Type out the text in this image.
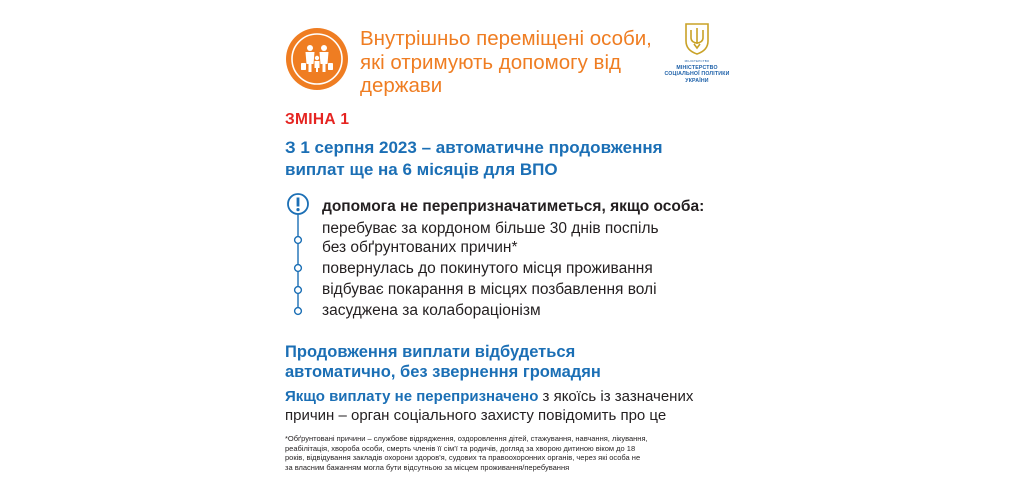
Внутрішньо переміщені особи, які отримують допомогу від держави
МІНІСТЕРСТВО
МІНІСТЕРСТВО
СОЦІАЛЬНОЇ ПОЛІТИКИ
УКРАЇНИ
ЗМІНА 1
З 1 серпня 2023 – автоматичне продовження виплат ще на 6 місяців для ВПО
допомога не перепризначатиметься, якщо особа:
перебуває за кордоном більше 30 днів поспіль
без обґрунтованих причин*
повернулась до покинутого місця проживання
відбуває покарання в місцях позбавлення волі
засуджена за колабораціонізм
Продовження виплати відбудеться
автоматично, без звернення громадян
Якщо виплату не перепризначено з якоїсь із зазначених
причин – орган соціального захисту повідомить про це
*Обґрунтовані причини – службове відрядження, оздоровлення дітей, стажування, навчання, лікування,
реабілітація, хвороба особи, смерть членів її сім'ї та родичів, догляд за хворою дитиною віком до 18
років, відвідування закладів охорони здоров'я, судових та правоохоронних органів, через які особа не
за власним бажанням могла бути відсутньою за місцем проживання/перебування
